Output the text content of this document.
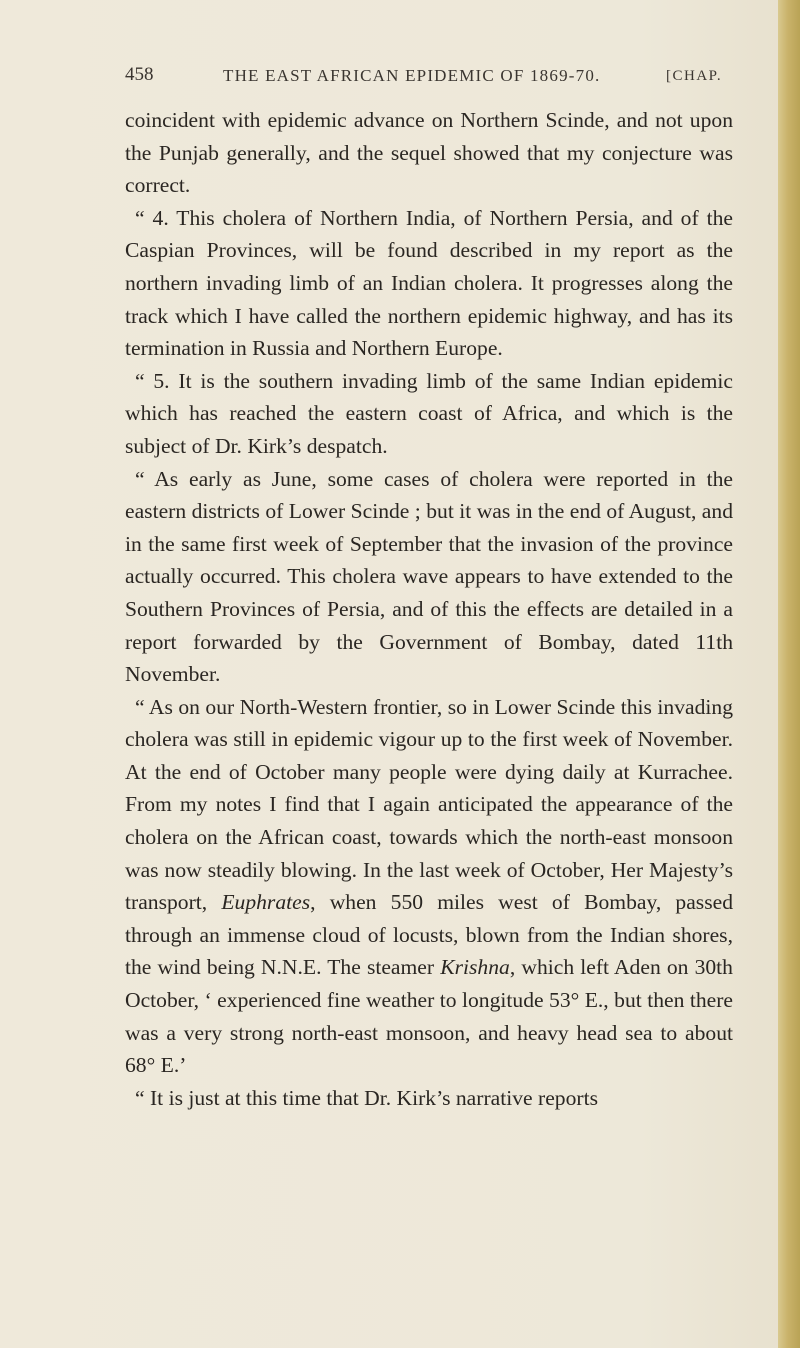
458	THE EAST AFRICAN EPIDEMIC OF 1869-70.	[CHAP.

coincident with epidemic advance on Northern Scinde, and not upon the Punjab generally, and the sequel showed that my conjecture was correct.

“ 4. This cholera of Northern India, of Northern Persia, and of the Caspian Provinces, will be found described in my report as the northern invading limb of an Indian cholera. It progresses along the track which I have called the northern epidemic highway, and has its termination in Russia and Northern Europe.

“ 5. It is the southern invading limb of the same Indian epidemic which has reached the eastern coast of Africa, and which is the subject of Dr. Kirk’s despatch.

“ As early as June, some cases of cholera were reported in the eastern districts of Lower Scinde ; but it was in the end of August, and in the same first week of September that the invasion of the province actually occurred. This cholera wave appears to have extended to the Southern Provinces of Persia, and of this the effects are detailed in a report forwarded by the Government of Bombay, dated 11th November.

“ As on our North-Western frontier, so in Lower Scinde this invading cholera was still in epidemic vigour up to the first week of November. At the end of October many people were dying daily at Kurrachee. From my notes I find that I again anticipated the appearance of the cholera on the African coast, towards which the north-east monsoon was now steadily blowing. In the last week of October, Her Majesty’s transport, Euphrates, when 550 miles west of Bombay, passed through an immense cloud of locusts, blown from the Indian shores, the wind being N.N.E. The steamer Krishna, which left Aden on 30th October, ‘ experienced fine weather to longitude 53° E., but then there was a very strong north-east monsoon, and heavy head sea to about 68° E.’

“ It is just at this time that Dr. Kirk’s narrative reports
